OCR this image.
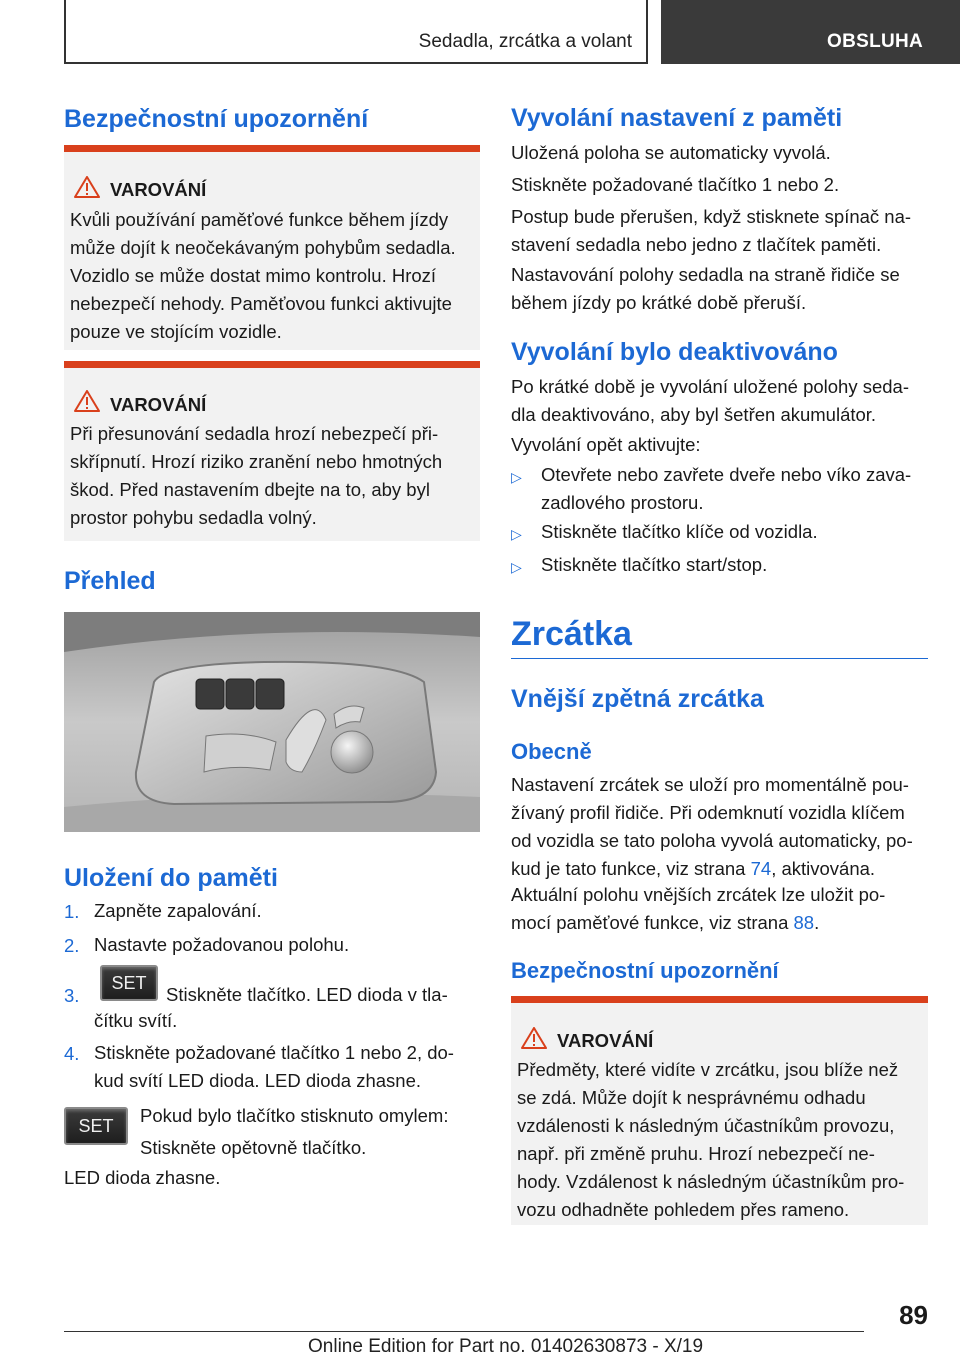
Sedadla, zrcátka a volant	OBSLUHA
Bezpečnostní upozornění
VAROVÁNÍ
Kvůli používání paměťové funkce během jízdy
může dojít k neočekávaným pohybům sedadla.
Vozidlo se může dostat mimo kontrolu. Hrozí
nebezpečí nehody. Paměťovou funkci aktivujte
pouze ve stojícím vozidle.
VAROVÁNÍ
Při přesunování sedadla hrozí nebezpečí při-
skřípnutí. Hrozí riziko zranění nebo hmotných
škod. Před nastavením dbejte na to, aby byl
prostor pohybu sedadla volný.
Přehled
Uložení do paměti
1. Zapněte zapalování.
2. Nastavte požadovanou polohu.
3.
SET
Stiskněte tlačítko. LED dioda v tla-
čítku svítí.
4. Stiskněte požadované tlačítko 1 nebo 2, do-
kud svítí LED dioda. LED dioda zhasne.
SET	Pokud bylo tlačítko stisknuto omylem:
Stiskněte opětovně tlačítko.
LED dioda zhasne.
Vyvolání nastavení z paměti
Uložená poloha se automaticky vyvolá.
Stiskněte požadované tlačítko 1 nebo 2.
Postup bude přerušen, když stisknete spínač na-
stavení sedadla nebo jedno z tlačítek paměti.
Nastavování polohy sedadla na straně řidiče se
během jízdy po krátké době přeruší.
Vyvolání bylo deaktivováno
Po krátké době je vyvolání uložené polohy seda-
dla deaktivováno, aby byl šetřen akumulátor.
Vyvolání opět aktivujte:
▷ Otevřete nebo zavřete dveře nebo víko zava-
zadlového prostoru.
▷ Stiskněte tlačítko klíče od vozidla.
▷ Stiskněte tlačítko start/stop.
Zrcátka
Vnější zpětná zrcátka
Obecně
Nastavení zrcátek se uloží pro momentálně pou-
žívaný profil řidiče. Při odemknutí vozidla klíčem
od vozidla se tato poloha vyvolá automaticky, po-
kud je tato funkce, viz strana 74, aktivována.
Aktuální polohu vnějších zrcátek lze uložit po-
mocí paměťové funkce, viz strana 88.
Bezpečnostní upozornění
VAROVÁNÍ
Předměty, které vidíte v zrcátku, jsou blíže než
se zdá. Může dojít k nesprávnému odhadu
vzdálenosti k následným účastníkům provozu,
např. při změně pruhu. Hrozí nebezpečí ne-
hody. Vzdálenost k následným účastníkům pro-
vozu odhadněte pohledem přes rameno.
89
Online Edition for Part no. 01402630873 - X/19
